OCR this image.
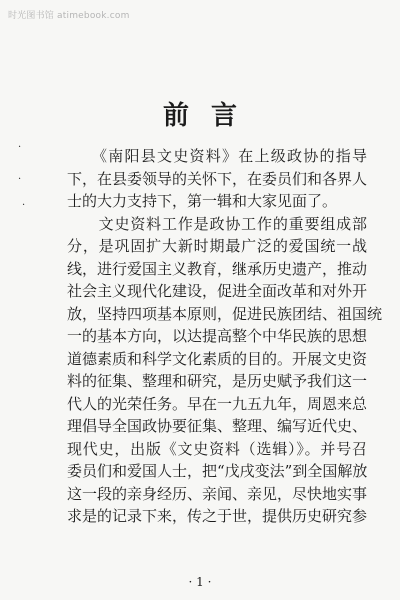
时光图书馆 atimebook.com
·
·
·
前言
　　《南阳县文史资料》在上级政协的指导
下，在县委领导的关怀下，在委员们和各界人
士的大力支持下，第一辑和大家见面了。
　　文史资料工作是政协工作的重要组成部
分，是巩固扩大新时期最广泛的爱国统一战
线，进行爱国主义教育，继承历史遗产，推动
社会主义现代化建设，促进全面改革和对外开
放，坚持四项基本原则，促进民族团结、祖国统
一的基本方向，以达提高整个中华民族的思想
道德素质和科学文化素质的目的。开展文史资
料的征集、整理和研究，是历史赋予我们这一
代人的光荣任务。早在一九五九年，周恩来总
理倡导全国政协要征集、整理、编写近代史、
现代史，出版《文史资料（选辑）》。并号召
委员们和爱国人士，把“戊戌变法”到全国解放
这一段的亲身经历、亲闻、亲见，尽快地实事
求是的记录下来，传之于世，提供历史研究参
· 1 ·
